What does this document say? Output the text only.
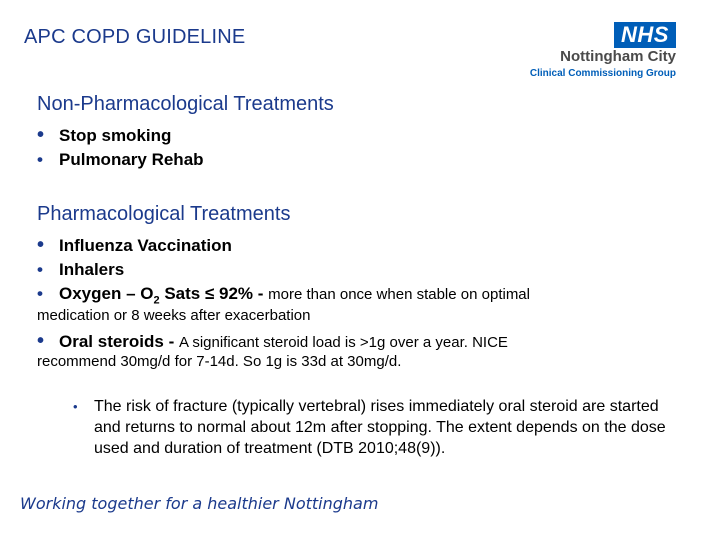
APC COPD GUIDELINE	NHS
Nottingham City
Clinical Commissioning Group
Non-Pharmacological Treatments
• Stop smoking
• Pulmonary Rehab
Pharmacological Treatments
• Influenza Vaccination
• Inhalers
• Oxygen – $O_2$ Sats ≤ 92% - more than once when stable on optimal
medication or 8 weeks after exacerbation
• Oral steroids - A significant steroid load is >1g over a year. NICE
recommend 30mg/d for 7-14d. So 1g is 33d at 30mg/d.
•	The risk of fracture (typically vertebral) rises immediately oral steroid are started and returns to normal about 12m after stopping. The extent depends on the dose used and duration of treatment (DTB 2010;48(9)).
Working together for a healthier Nottingham
